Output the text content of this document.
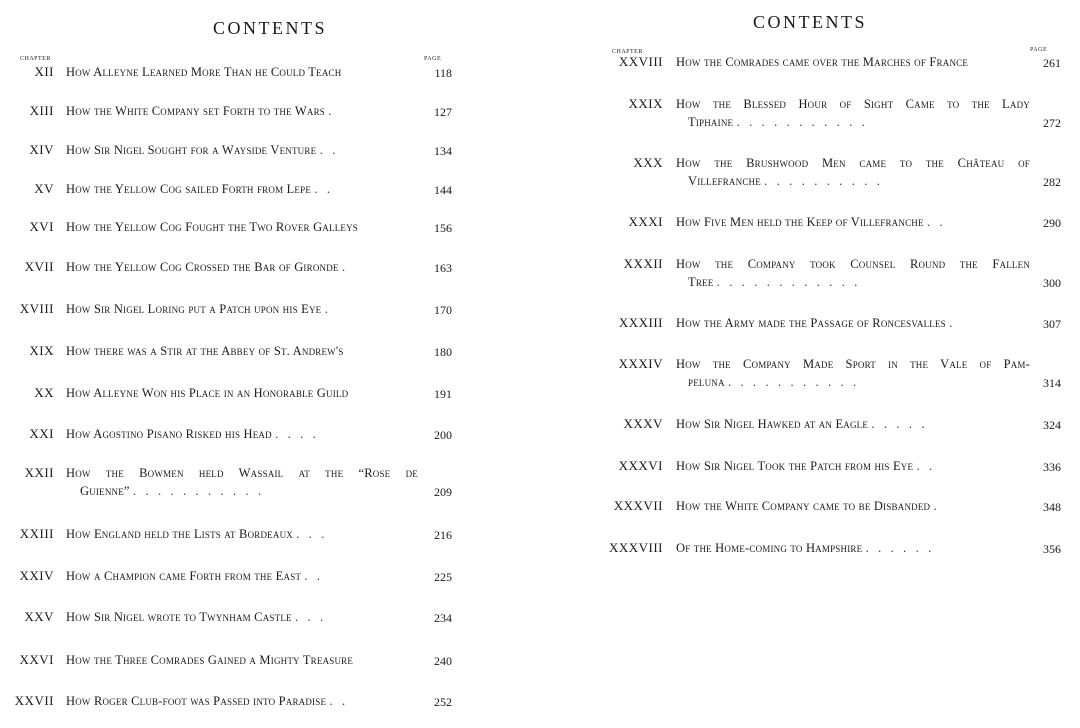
CONTENTS
chapter	page
XII How Alleyne Learned More Than he Could Teach	118
XIII How the White Company set Forth to the Wars .	127
XIV How Sir Nigel Sought for a Wayside Venture .   .	134
XV How the Yellow Cog sailed Forth from Lepe .   .	144
XVI How the Yellow Cog Fought the Two Rover Galleys	156
XVII How the Yellow Cog Crossed the Bar of Gironde .	163
XVIII How Sir Nigel Loring put a Patch upon his Eye .	170
XIX How there was a Stir at the Abbey of St. Andrew's	180
XX How Alleyne Won his Place in an Honorable Guild	191
XXI How Agostino Pisano Risked his Head .   .   .   .	200
XXII How the Bowmen held Wassail at the “Rose de
Guienne” .   .   .   .   .   .   .   .   .   .   .	209
XXIII How England held the Lists at Bordeaux .   .   .	216
XXIV How a Champion came Forth from the East .   .	225
XXV How Sir Nigel wrote to Twynham Castle .   .   .	234
XXVI How the Three Comrades Gained a Mighty Treasure	240
XXVII How Roger Club-foot was Passed into Paradise .   .	252
CONTENTS
chapter	page
XXVIII How the Comrades came over the Marches of France	261
XXIX How the Blessed Hour of Sight Came to the Lady
Tiphaine .   .   .   .   .   .   .   .   .   .   .	272
XXX How the Brushwood Men came to the Château of
Villefranche .   .   .   .   .   .   .   .   .   .	282
XXXI How Five Men held the Keep of Villefranche .   .	290
XXXII How the Company took Counsel Round the Fallen
Tree .   .   .   .   .   .   .   .   .   .   .   .	300
XXXIII How the Army made the Passage of Roncesvalles .	307
XXXIV How the Company Made Sport in the Vale of Pam-
peluna .   .   .   .   .   .   .   .   .   .   .	314
XXXV How Sir Nigel Hawked at an Eagle .   .   .   .   .	324
XXXVI How Sir Nigel Took the Patch from his Eye .   .	336
XXXVII How the White Company came to be Disbanded .	348
XXXVIII Of the Home-coming to Hampshire .   .   .   .   .   .	356
